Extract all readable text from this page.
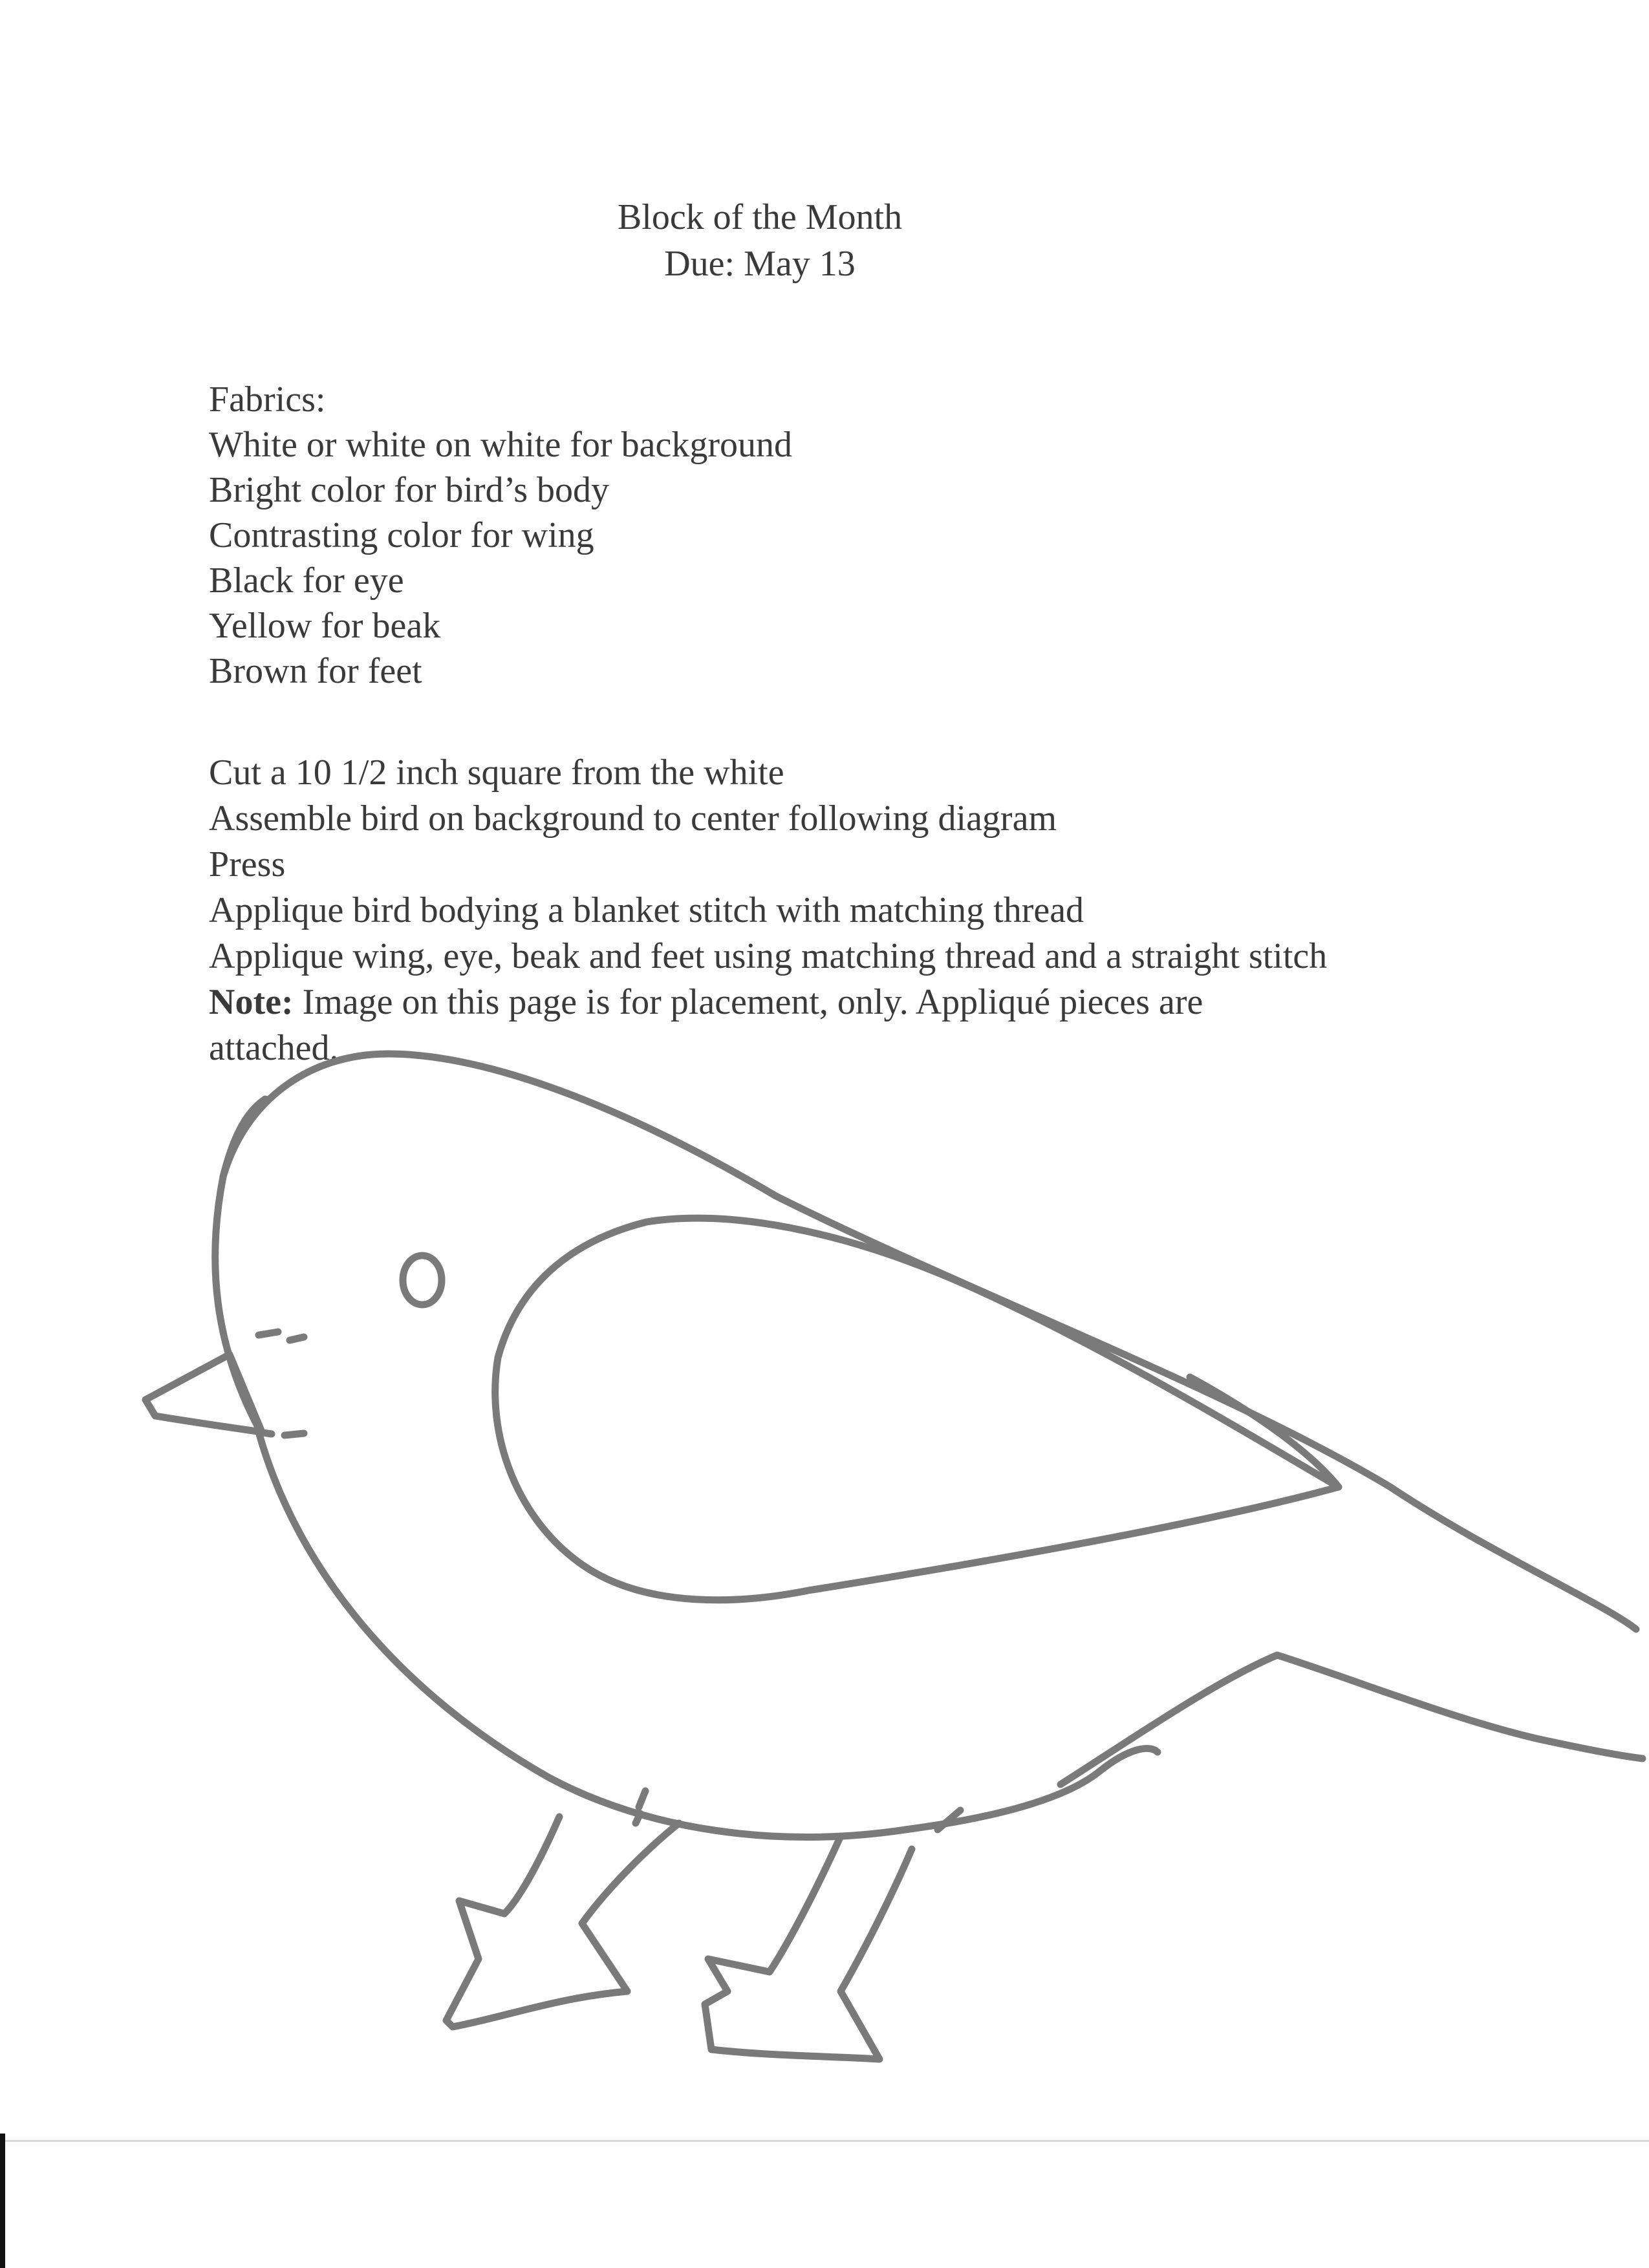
Block of the Month
Due: May 13
Fabrics:
White or white on white for background
Bright color for bird’s body
Contrasting color for wing
Black for eye
Yellow for beak
Brown for feet
Cut a 10 1/2 inch square from the white
Assemble bird on background to center following diagram
Press
Applique bird bodying a blanket stitch with matching thread
Applique wing, eye, beak and feet using matching thread and a straight stitch
Note: Image on this page is for placement, only. Appliqué pieces are
attached.
